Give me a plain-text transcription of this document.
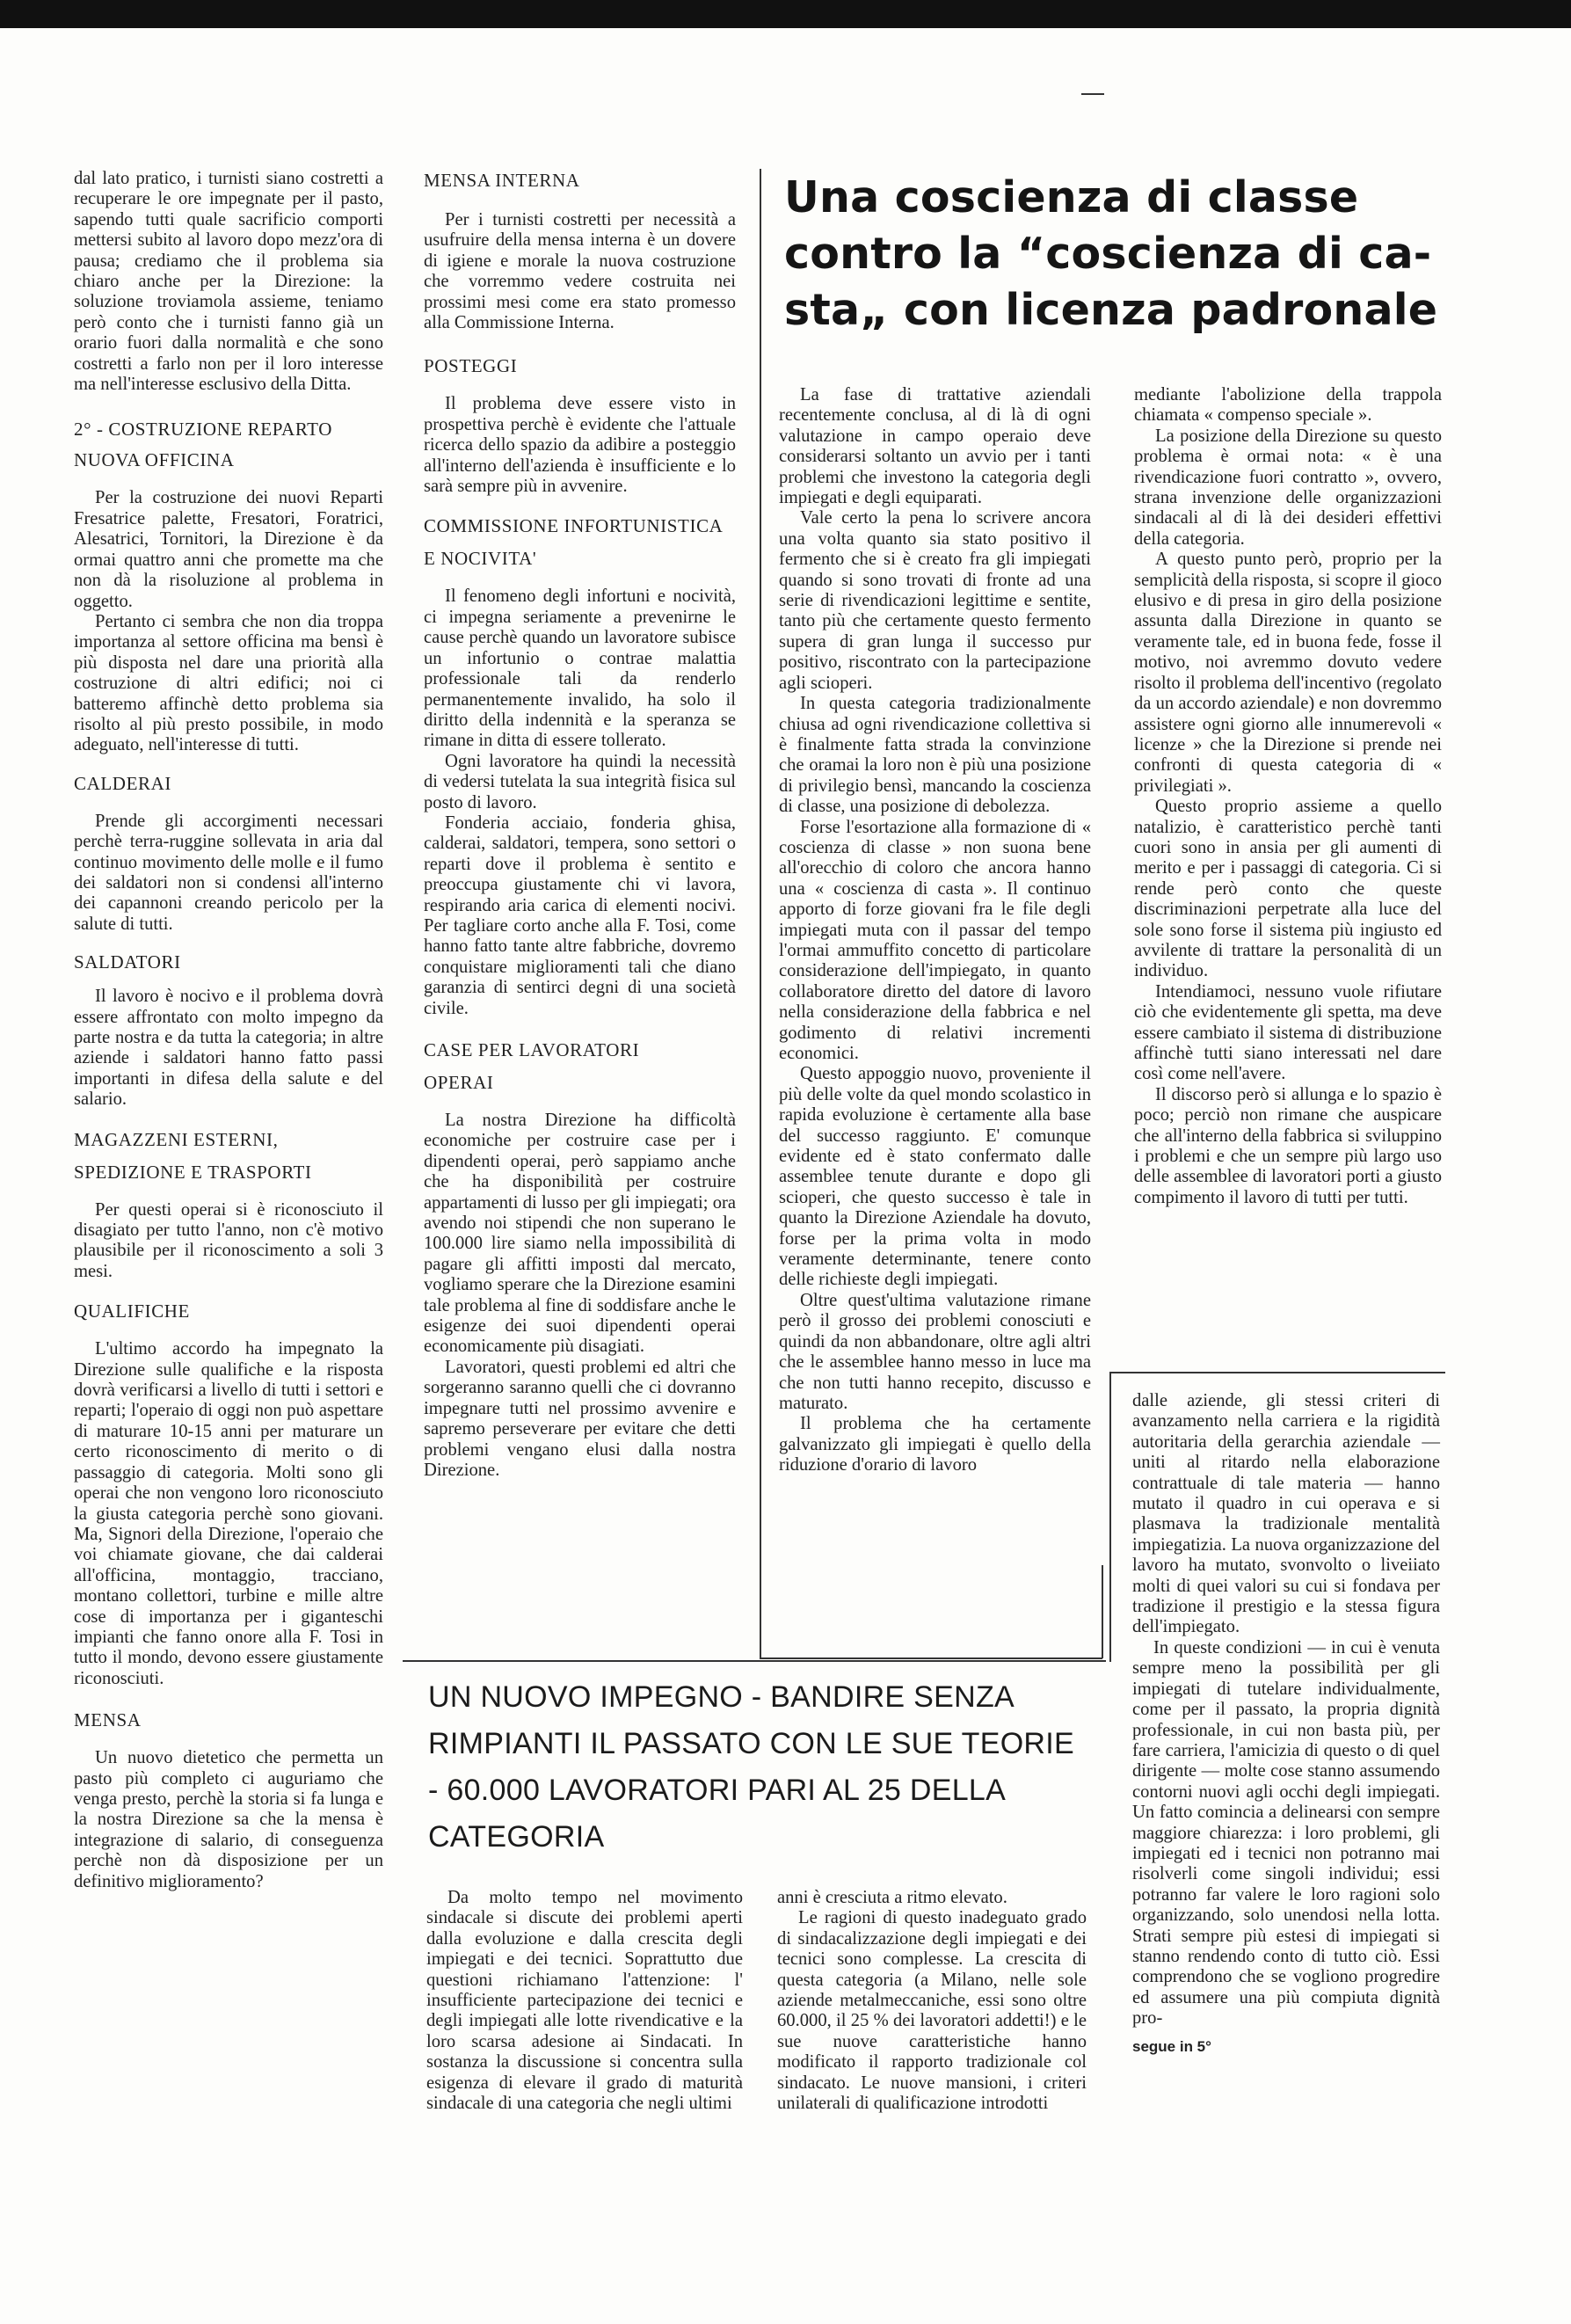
dal lato pratico, i turnisti siano costretti a recuperare le ore impegnate per il pasto, sapendo tutti quale sacrificio comporti mettersi subito al lavoro dopo mezz'ora di pausa; crediamo che il problema sia chiaro anche per la Direzione: la soluzione troviamola assieme, teniamo però conto che i turnisti fanno già un orario fuori dalla normalità e che sono costretti a farlo non per il loro interesse ma nell'interesse esclusivo della Ditta.

2° - COSTRUZIONE REPARTO
NUOVA OFFICINA

Per la costruzione dei nuovi Reparti Fresatrice palette, Fresatori, Foratrici, Alesatrici, Tornitori, la Direzione è da ormai quattro anni che promette ma che non dà la risoluzione al problema in oggetto.

Pertanto ci sembra che non dia troppa importanza al settore officina ma bensì è più disposta nel dare una priorità alla costruzione di altri edifici; noi ci batteremo affinchè detto problema sia risolto al più presto possibile, in modo adeguato, nell'interesse di tutti.

CALDERAI

Prende gli accorgimenti necessari perchè terra-ruggine sollevata in aria dal continuo movimento delle molle e il fumo dei saldatori non si condensi all'interno dei capannoni creando pericolo per la salute di tutti.

SALDATORI

Il lavoro è nocivo e il problema dovrà essere affrontato con molto impegno da parte nostra e da tutta la categoria; in altre aziende i saldatori hanno fatto passi importanti in difesa della salute e del salario.

MAGAZZENI ESTERNI,
SPEDIZIONE E TRASPORTI

Per questi operai si è riconosciuto il disagiato per tutto l'anno, non c'è motivo plausibile per il riconoscimento a soli 3 mesi.

QUALIFICHE

L'ultimo accordo ha impegnato la Direzione sulle qualifiche e la risposta dovrà verificarsi a livello di tutti i settori e reparti; l'operaio di oggi non può aspettare di maturare 10-15 anni per maturare un certo riconoscimento di merito o di passaggio di categoria. Molti sono gli operai che non vengono loro riconosciuto la giusta categoria perchè sono giovani. Ma, Signori della Direzione, l'operaio che voi chiamate giovane, che dai calderai all'officina, montaggio, tracciano, montano collettori, turbine e mille altre cose di importanza per i giganteschi impianti che fanno onore alla F. Tosi in tutto il mondo, devono essere giustamente riconosciuti.

MENSA

Un nuovo dietetico che permetta un pasto più completo ci auguriamo che venga presto, perchè la storia si fa lunga e la nostra Direzione sa che la mensa è integrazione di salario, di conseguenza perchè non dà disposizione per un definitivo miglioramento?

MENSA INTERNA

Per i turnisti costretti per necessità a usufruire della mensa interna è un dovere di igiene e morale la nuova costruzione che vorremmo vedere costruita nei prossimi mesi come era stato promesso alla Commissione Interna.

POSTEGGI

Il problema deve essere visto in prospettiva perchè è evidente che l'attuale ricerca dello spazio da adibire a posteggio all'interno dell'azienda è insufficiente e lo sarà sempre più in avvenire.

COMMISSIONE INFORTUNISTICA
E NOCIVITA'

Il fenomeno degli infortuni e nocività, ci impegna seriamente a prevenirne le cause perchè quando un lavoratore subisce un infortunio o contrae malattia professionale tali da renderlo permanentemente invalido, ha solo il diritto della indennità e la speranza se rimane in ditta di essere tollerato.

Ogni lavoratore ha quindi la necessità di vedersi tutelata la sua integrità fisica sul posto di lavoro.

Fonderia acciaio, fonderia ghisa, calderai, saldatori, tempera, sono settori o reparti dove il problema è sentito e preoccupa giustamente chi vi lavora, respirando aria carica di elementi nocivi. Per tagliare corto anche alla F. Tosi, come hanno fatto tante altre fabbriche, dovremo conquistare miglioramenti tali che diano garanzia di sentirci degni di una società civile.

CASE PER LAVORATORI
OPERAI

La nostra Direzione ha difficoltà economiche per costruire case per i dipendenti operai, però sappiamo anche che ha disponibilità per costruire appartamenti di lusso per gli impiegati; ora avendo noi stipendi che non superano le 100.000 lire siamo nella impossibilità di pagare gli affitti imposti dal mercato, vogliamo sperare che la Direzione esamini tale problema al fine di soddisfare anche le esigenze dei suoi dipendenti operai economicamente più disagiati.

Lavoratori, questi problemi ed altri che sorgeranno saranno quelli che ci dovranno impegnare tutti nel prossimo avvenire e sapremo perseverare per evitare che detti problemi vengano elusi dalla nostra Direzione.

Una coscienza di classe
contro la “coscienza di ca-
sta„ con licenza padronale

La fase di trattative aziendali recentemente conclusa, al di là di ogni valutazione in campo operaio deve considerarsi soltanto un avvio per i tanti problemi che investono la categoria degli impiegati e degli equiparati.

Vale certo la pena lo scrivere ancora una volta quanto sia stato positivo il fermento che si è creato fra gli impiegati quando si sono trovati di fronte ad una serie di rivendicazioni legittime e sentite, tanto più che certamente questo fermento supera di gran lunga il successo pur positivo, riscontrato con la partecipazione agli scioperi.

In questa categoria tradizionalmente chiusa ad ogni rivendicazione collettiva si è finalmente fatta strada la convinzione che oramai la loro non è più una posizione di privilegio bensì, mancando la coscienza di classe, una posizione di debolezza.

Forse l'esortazione alla formazione di « coscienza di classe » non suona bene all'orecchio di coloro che ancora hanno una « coscienza di casta ». Il continuo apporto di forze giovani fra le file degli impiegati muta con il passar del tempo l'ormai ammuffito concetto di particolare considerazione dell'impiegato, in quanto collaboratore diretto del datore di lavoro nella considerazione della fabbrica e nel godimento di relativi incrementi economici.

Questo appoggio nuovo, proveniente il più delle volte da quel mondo scolastico in rapida evoluzione è certamente alla base del successo raggiunto. E' comunque evidente ed è stato confermato dalle assemblee tenute durante e dopo gli scioperi, che questo successo è tale in quanto la Direzione Aziendale ha dovuto, forse per la prima volta in modo veramente determinante, tenere conto delle richieste degli impiegati.

Oltre quest'ultima valutazione rimane però il grosso dei problemi conosciuti e quindi da non abbandonare, oltre agli altri che le assemblee hanno messo in luce ma che non tutti hanno recepito, discusso e maturato.

Il problema che ha certamente galvanizzato gli impiegati è quello della riduzione d'orario di lavoro

mediante l'abolizione della trappola chiamata « compenso speciale ».

La posizione della Direzione su questo problema è ormai nota: « è una rivendicazione fuori contratto », ovvero, strana invenzione delle organizzazioni sindacali al di là dei desideri effettivi della categoria.

A questo punto però, proprio per la semplicità della risposta, si scopre il gioco elusivo e di presa in giro della posizione assunta dalla Direzione in quanto se veramente tale, ed in buona fede, fosse il motivo, noi avremmo dovuto vedere risolto il problema dell'incentivo (regolato da un accordo aziendale) e non dovremmo assistere ogni giorno alle innumerevoli « licenze » che la Direzione si prende nei confronti di questa categoria di « privilegiati ».

Questo proprio assieme a quello natalizio, è caratteristico perchè tanti cuori sono in ansia per gli aumenti di merito e per i passaggi di categoria. Ci si rende però conto che queste discriminazioni perpetrate alla luce del sole sono forse il sistema più ingiusto ed avvilente di trattare la personalità di un individuo.

Intendiamoci, nessuno vuole rifiutare ciò che evidentemente gli spetta, ma deve essere cambiato il sistema di distribuzione affinchè tutti siano interessati nel dare così come nell'avere.

Il discorso però si allunga e lo spazio è poco; perciò non rimane che auspicare che all'interno della fabbrica si sviluppino i problemi e che un sempre più largo uso delle assemblee di lavoratori porti a giusto compimento il lavoro di tutti per tutti.

UN NUOVO IMPEGNO - BANDIRE SENZA
RIMPIANTI IL PASSATO CON LE SUE TEORIE
- 60.000 LAVORATORI PARI AL 25 DELLA
CATEGORIA

Da molto tempo nel movimento sindacale si discute dei problemi aperti dalla evoluzione e dalla crescita degli impiegati e dei tecnici. Soprattutto due questioni richiamano l'attenzione: l' insufficiente partecipazione dei tecnici e degli impiegati alle lotte rivendicative e la loro scarsa adesione ai Sindacati. In sostanza la discussione si concentra sulla esigenza di elevare il grado di maturità sindacale di una categoria che negli ultimi

anni è cresciuta a ritmo elevato.

Le ragioni di questo inadeguato grado di sindacalizzazione degli impiegati e dei tecnici sono complesse. La crescita di questa categoria (a Milano, nelle sole aziende metalmeccaniche, essi sono oltre 60.000, il 25 % dei lavoratori addetti!) e le sue nuove caratteristiche hanno modificato il rapporto tradizionale col sindacato. Le nuove mansioni, i criteri unilaterali di qualificazione introdotti

dalle aziende, gli stessi criteri di avanzamento nella carriera e la rigidità autoritaria della gerarchia aziendale — uniti al ritardo nella elaborazione contrattuale di tale materia — hanno mutato il quadro in cui operava e si plasmava la tradizionale mentalità impiegatizia. La nuova organizzazione del lavoro ha mutato, svonvolto o liveiiato molti di quei valori su cui si fondava per tradizione il prestigio e la stessa figura dell'impiegato.

In queste condizioni — in cui è venuta sempre meno la possibilità per gli impiegati di tutelare individualmente, come per il passato, la propria dignità professionale, in cui non basta più, per fare carriera, l'amicizia di questo o di quel dirigente — molte cose stanno assumendo contorni nuovi agli occhi degli impiegati. Un fatto comincia a delinearsi con sempre maggiore chiarezza: i loro problemi, gli impiegati ed i tecnici non potranno mai risolverli come singoli individui; essi potranno far valere le loro ragioni solo organizzando, solo unendosi nella lotta. Strati sempre più estesi di impiegati si stanno rendendo conto di tutto ciò. Essi comprendono che se vogliono progredire ed assumere una più compiuta dignità pro-

segue in 5°
